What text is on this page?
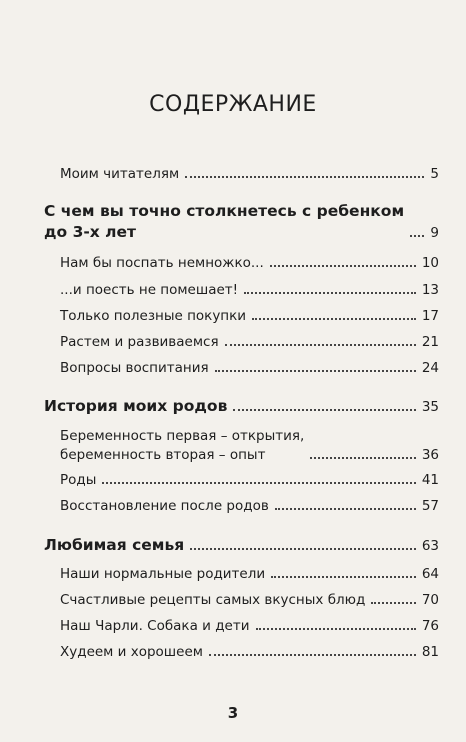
СОДЕРЖАНИЕ
Моим читателям	5
С чем вы точно столкнетесь с ребенком
до 3-х лет	9
Нам бы поспать немножко...	10
...и поесть не помешает!	13
Только полезные покупки	17
Растем и развиваемся	21
Вопросы воспитания	24
История моих родов	35
Беременность первая – открытия,
беременность вторая – опыт	36
Роды	41
Восстановление после родов	57
Любимая семья	63
Наши нормальные родители	64
Счастливые рецепты самых вкусных блюд	70
Наш Чарли. Собака и дети	76
Худеем и хорошеем	81
3
